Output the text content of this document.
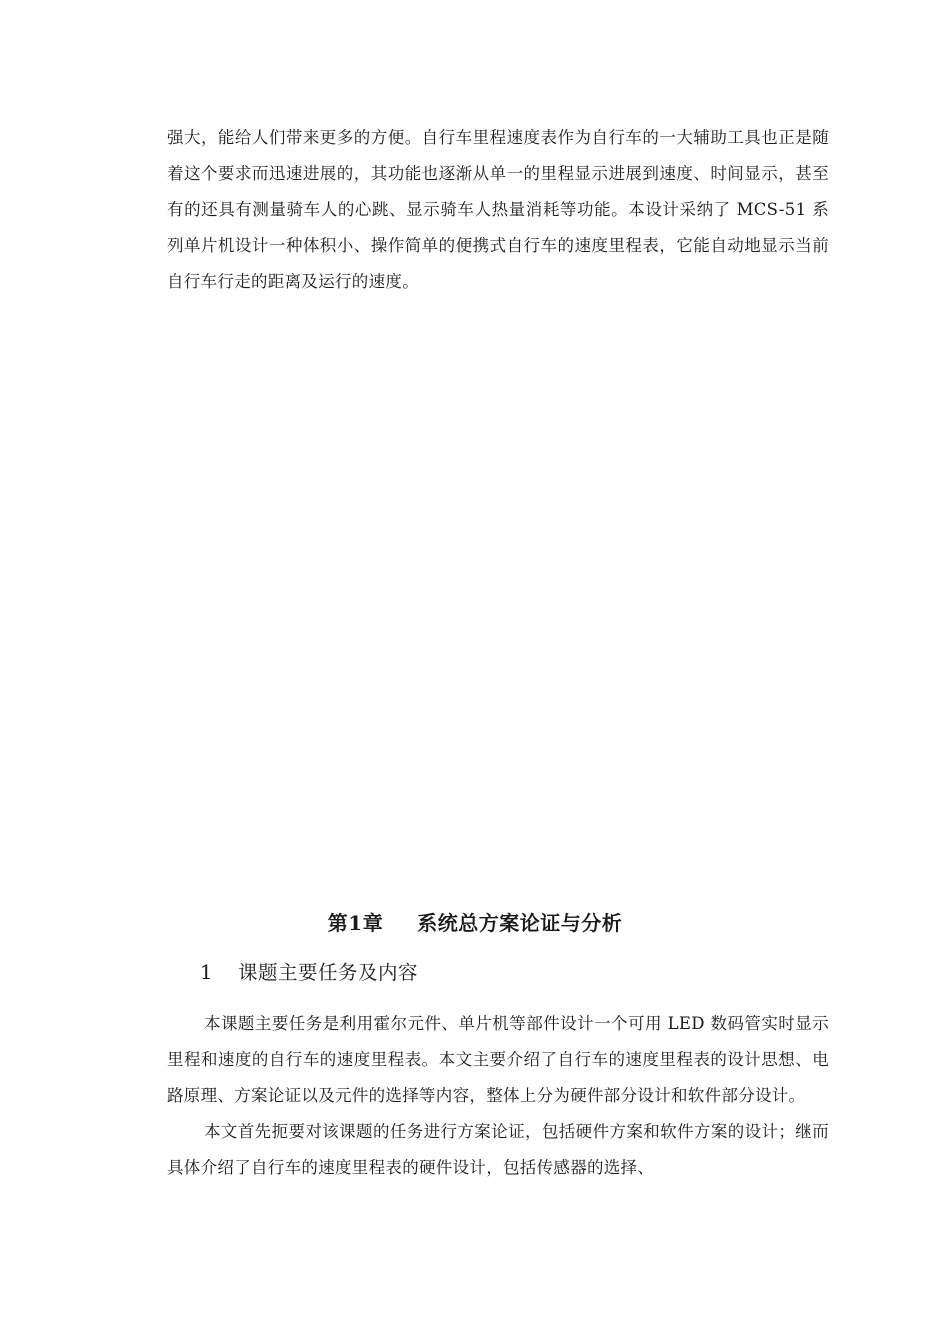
强大，能给人们带来更多的方便。自行车里程速度表作为自行车的一大辅助工具也正是随着这个要求而迅速进展的，其功能也逐渐从单一的里程显示进展到速度、时间显示，甚至有的还具有测量骑车人的心跳、显示骑车人热量消耗等功能。本设计采纳了 MCS-51 系列单片机设计一种体积小、操作简单的便携式自行车的速度里程表，它能自动地显示当前自行车行走的距离及运行的速度。

第1章 系统总方案论证与分析
1 课题主要任务及内容

本课题主要任务是利用霍尔元件、单片机等部件设计一个可用 LED 数码管实时显示里程和速度的自行车的速度里程表。本文主要介绍了自行车的速度里程表的设计思想、电路原理、方案论证以及元件的选择等内容，整体上分为硬件部分设计和软件部分设计。

本文首先扼要对该课题的任务进行方案论证，包括硬件方案和软件方案的设计；继而具体介绍了自行车的速度里程表的硬件设计，包括传感器的选择、
